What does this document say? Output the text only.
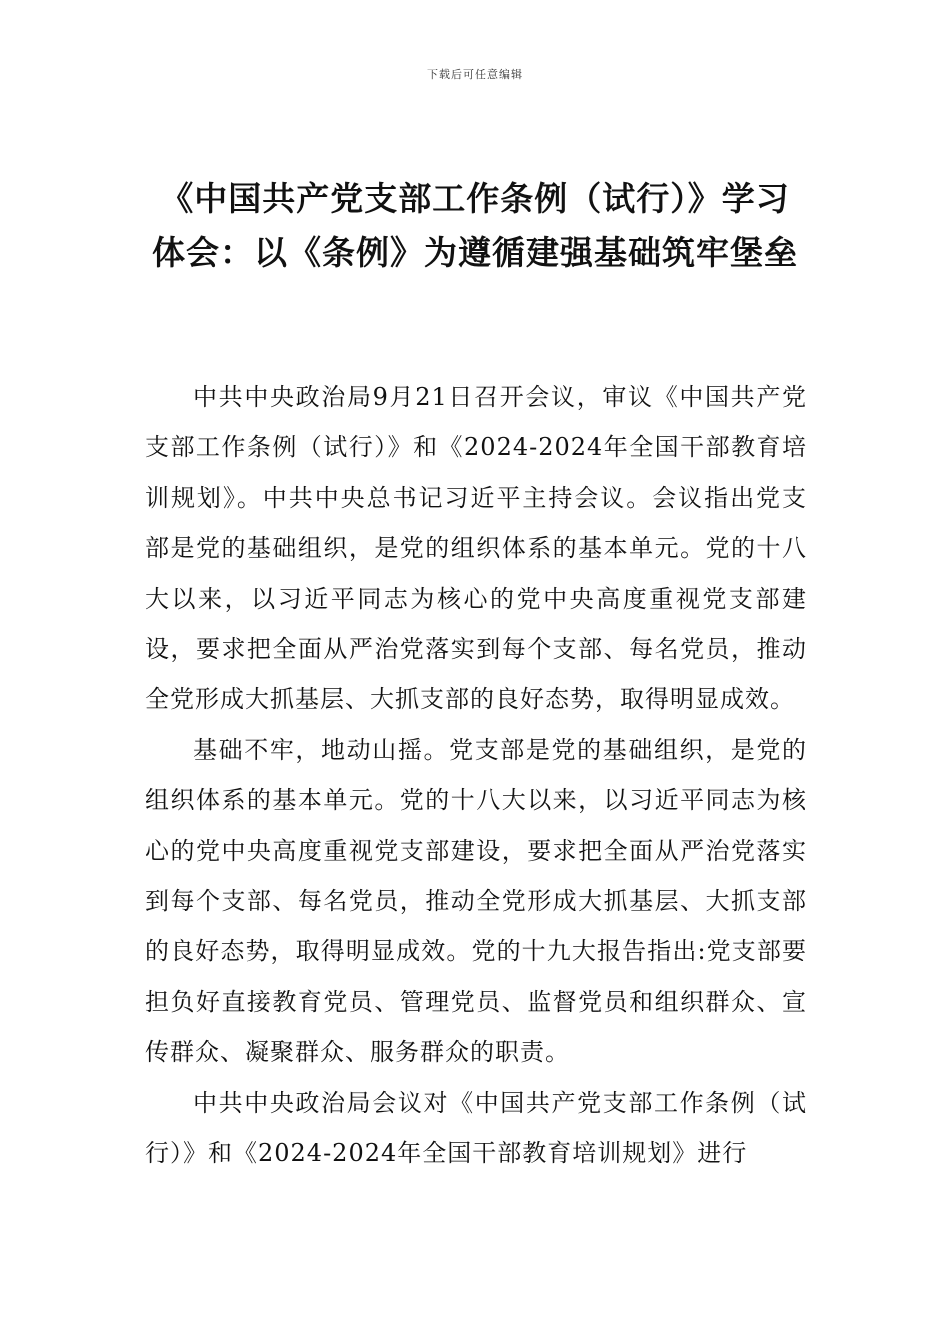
下载后可任意编辑
《中国共产党支部工作条例（试行）》学习体会：以《条例》为遵循建强基础筑牢堡垒

中共中央政治局9月21日召开会议，审议《中国共产党支部工作条例（试行）》和《2024-2024年全国干部教育培训规划》。中共中央总书记习近平主持会议。会议指出党支部是党的基础组织，是党的组织体系的基本单元。党的十八大以来，以习近平同志为核心的党中央高度重视党支部建设，要求把全面从严治党落实到每个支部、每名党员，推动全党形成大抓基层、大抓支部的良好态势，取得明显成效。

基础不牢，地动山摇。党支部是党的基础组织，是党的组织体系的基本单元。党的十八大以来，以习近平同志为核心的党中央高度重视党支部建设，要求把全面从严治党落实到每个支部、每名党员，推动全党形成大抓基层、大抓支部的良好态势，取得明显成效。党的十九大报告指出:党支部要担负好直接教育党员、管理党员、监督党员和组织群众、宣传群众、凝聚群众、服务群众的职责。

中共中央政治局会议对《中国共产党支部工作条例（试行）》和《2024-2024年全国干部教育培训规划》进行
